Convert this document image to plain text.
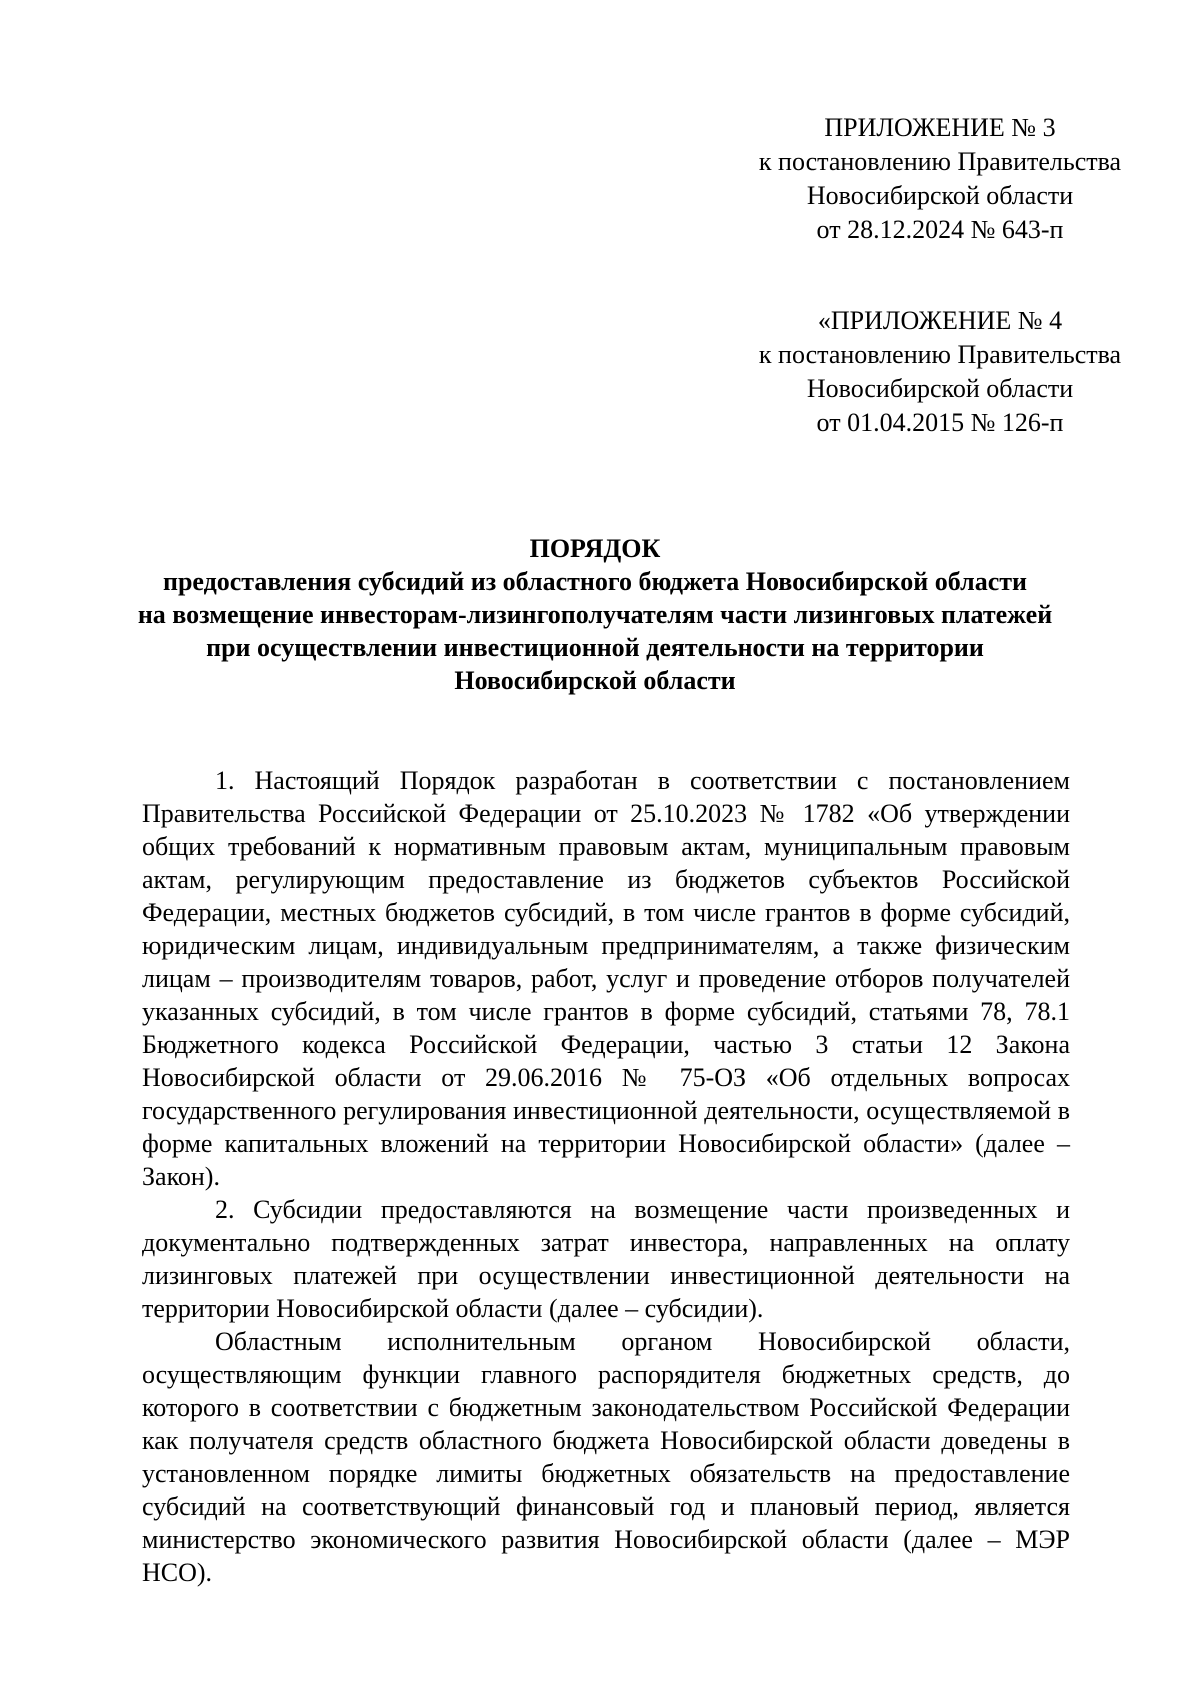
ПРИЛОЖЕНИЕ № 3
к постановлению Правительства
Новосибирской области
от 28.12.2024 № 643-п
«ПРИЛОЖЕНИЕ № 4
к постановлению Правительства
Новосибирской области
от 01.04.2015 № 126-п
ПОРЯДОК
предоставления субсидий из областного бюджета Новосибирской области
на возмещение инвесторам-лизингополучателям части лизинговых платежей
при осуществлении инвестиционной деятельности на территории
Новосибирской области

1. Настоящий Порядок разработан в соответствии с постановлением Правительства Российской Федерации от 25.10.2023 № 1782 «Об утверждении общих требований к нормативным правовым актам, муниципальным правовым актам, регулирующим предоставление из бюджетов субъектов Российской Федерации, местных бюджетов субсидий, в том числе грантов в форме субсидий, юридическим лицам, индивидуальным предпринимателям, а также физическим лицам – производителям товаров, работ, услуг и проведение отборов получателей указанных субсидий, в том числе грантов в форме субсидий, статьями 78, 78.1 Бюджетного кодекса Российской Федерации, частью 3 статьи 12 Закона Новосибирской области от 29.06.2016 № 75-ОЗ «Об отдельных вопросах государственного регулирования инвестиционной деятельности, осуществляемой в форме капитальных вложений на территории Новосибирской области» (далее – Закон).

2. Субсидии предоставляются на возмещение части произведенных и документально подтвержденных затрат инвестора, направленных на оплату лизинговых платежей при осуществлении инвестиционной деятельности на территории Новосибирской области (далее – субсидии).

Областным исполнительным органом Новосибирской области, осуществляющим функции главного распорядителя бюджетных средств, до которого в соответствии с бюджетным законодательством Российской Федерации как получателя средств областного бюджета Новосибирской области доведены в установленном порядке лимиты бюджетных обязательств на предоставление субсидий на соответствующий финансовый год и плановый период, является министерство экономического развития Новосибирской области (далее – МЭР НСО).
